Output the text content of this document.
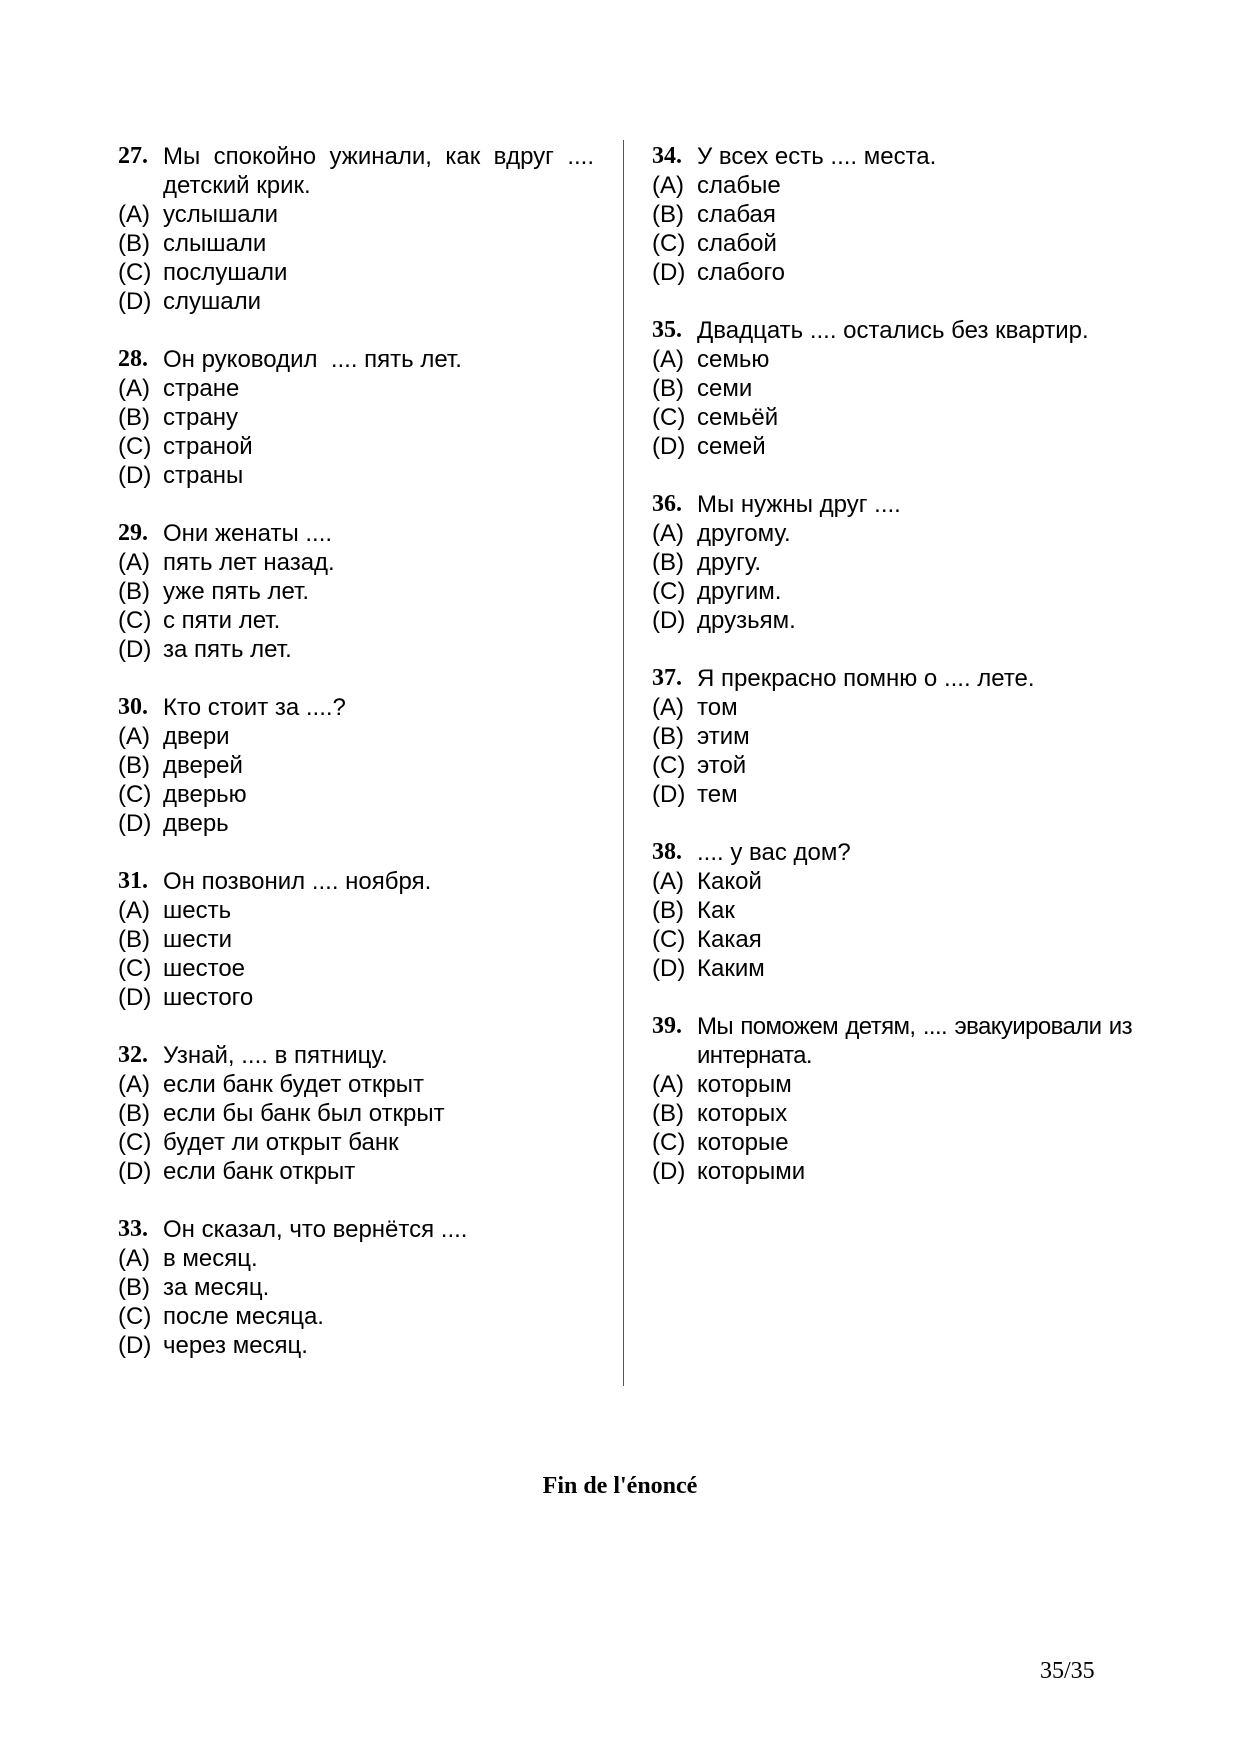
27. Мы спокойно ужинали, как вдруг .... детский крик.
(A) услышали
(B) слышали
(C) послушали
(D) слушали
28. Он руководил  .... пять лет.
(A) стране
(B) страну
(C) страной
(D) страны
29. Они женаты ....
(A) пять лет назад.
(B) уже пять лет.
(C) с пяти лет.
(D) за пять лет.
30. Кто стоит за ....?
(A) двери
(B) дверей
(C) дверью
(D) дверь
31. Он позвонил .... ноября.
(A) шесть
(B) шести
(C) шестое
(D) шестого
32. Узнай, .... в пятницу.
(A) если банк будет открыт
(B) если бы банк был открыт
(C) будет ли открыт банк
(D) если банк открыт
33. Он сказал, что вернётся ....
(A) в месяц.
(B) за месяц.
(C) после месяца.
(D) через месяц.
34. У всех есть .... места.
(A) слабые
(B) слабая
(C) слабой
(D) слабого
35. Двадцать .... остались без квартир.
(A) семью
(B) семи
(C) семьёй
(D) семей
36. Мы нужны друг ....
(A) другому.
(B) другу.
(C) другим.
(D) друзьям.
37. Я прекрасно помню о .... лете.
(A) том
(B) этим
(C) этой
(D) тем
38. .... у вас дом?
(A) Какой
(B) Как
(C) Какая
(D) Каким
39. Мы поможем детям, .... эвакуировали из интерната.
(A) которым
(B) которых
(C) которые
(D) которыми
Fin de l'énoncé
35/35
